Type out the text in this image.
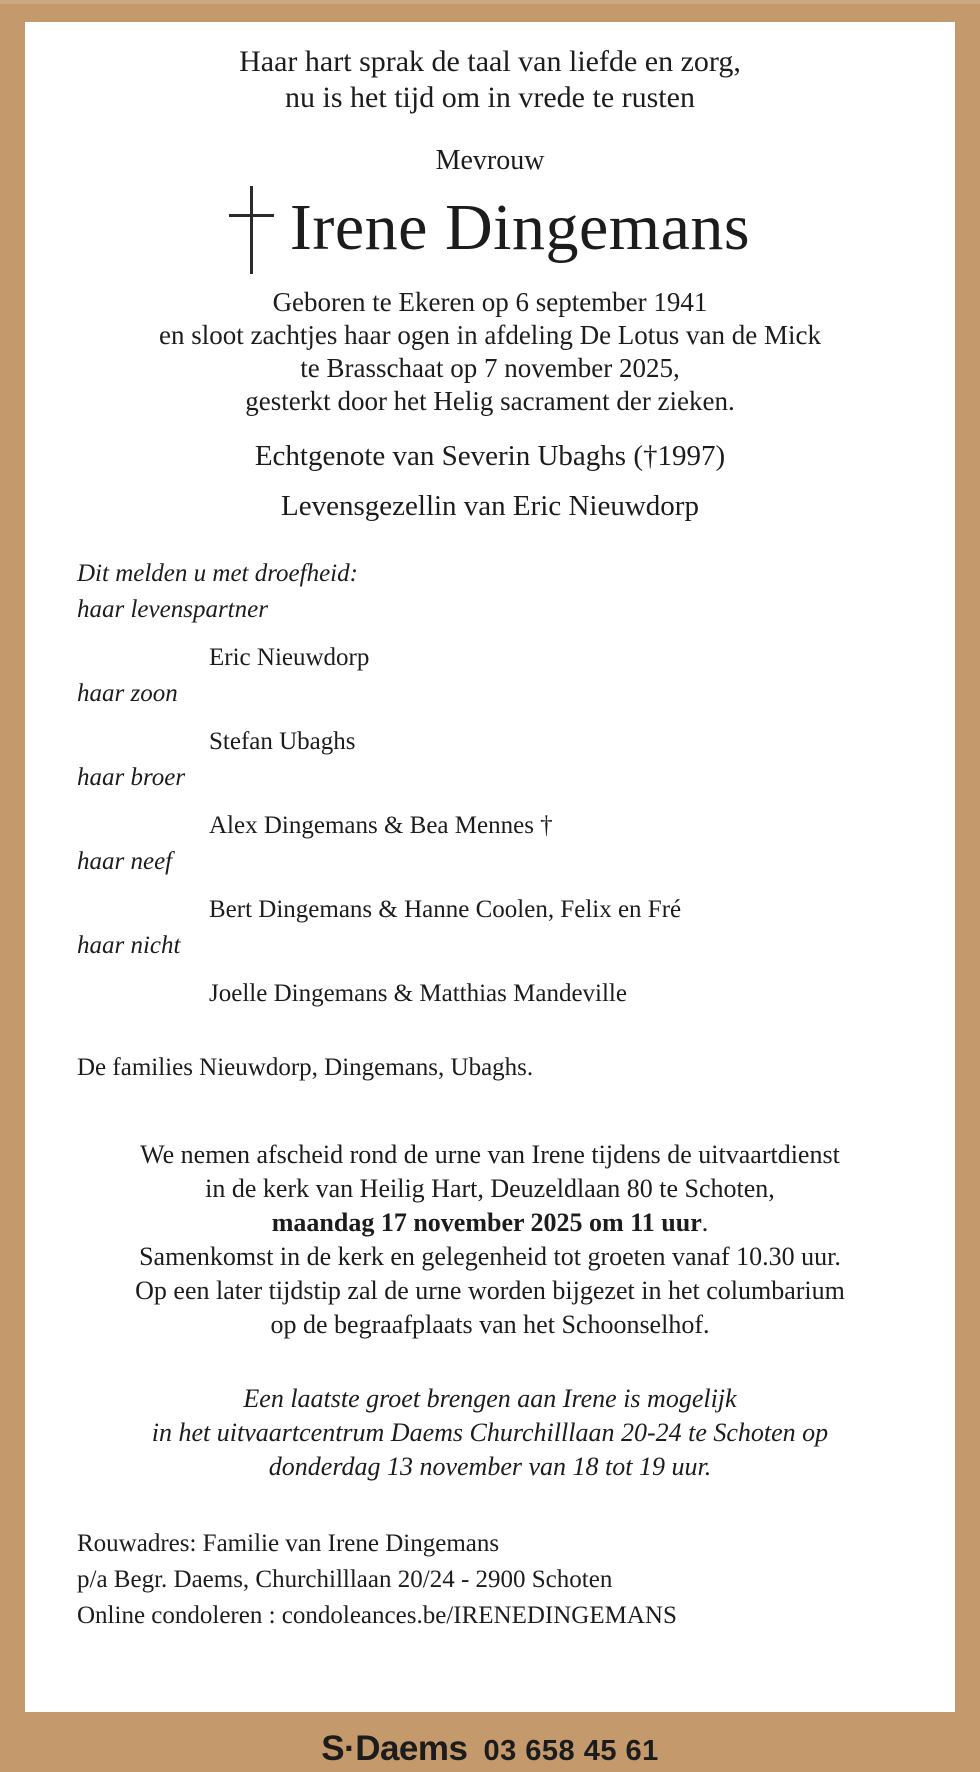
Haar hart sprak de taal van liefde en zorg,
nu is het tijd om in vrede te rusten
Mevrouw
Irene Dingemans
Geboren te Ekeren op 6 september 1941
en sloot zachtjes haar ogen in afdeling De Lotus van de Mick
te Brasschaat op 7 november 2025,
gesterkt door het Helig sacrament der zieken.
Echtgenote van Severin Ubaghs (†1997)
Levensgezellin van Eric Nieuwdorp
Dit melden u met droefheid:
haar levenspartner
Eric Nieuwdorp
haar zoon
Stefan Ubaghs
haar broer
Alex Dingemans & Bea Mennes †
haar neef
Bert Dingemans & Hanne Coolen, Felix en Fré
haar nicht
Joelle Dingemans & Matthias Mandeville
De families Nieuwdorp, Dingemans, Ubaghs.
We nemen afscheid rond de urne van Irene tijdens de uitvaartdienst
in de kerk van Heilig Hart, Deuzeldlaan 80 te Schoten,
maandag 17 november 2025 om 11 uur.
Samenkomst in de kerk en gelegenheid tot groeten vanaf 10.30 uur.
Op een later tijdstip zal de urne worden bijgezet in het columbarium
op de begraafplaats van het Schoonselhof.
Een laatste groet brengen aan Irene is mogelijk
in het uitvaartcentrum Daems Churchilllaan 20-24 te Schoten op
donderdag 13 november van 18 tot 19 uur.
Rouwadres: Familie van Irene Dingemans
p/a Begr. Daems, Churchilllaan 20/24 - 2900 Schoten
Online condoleren : condoleances.be/IRENEDINGEMANS
S·Daems 03 658 45 61
